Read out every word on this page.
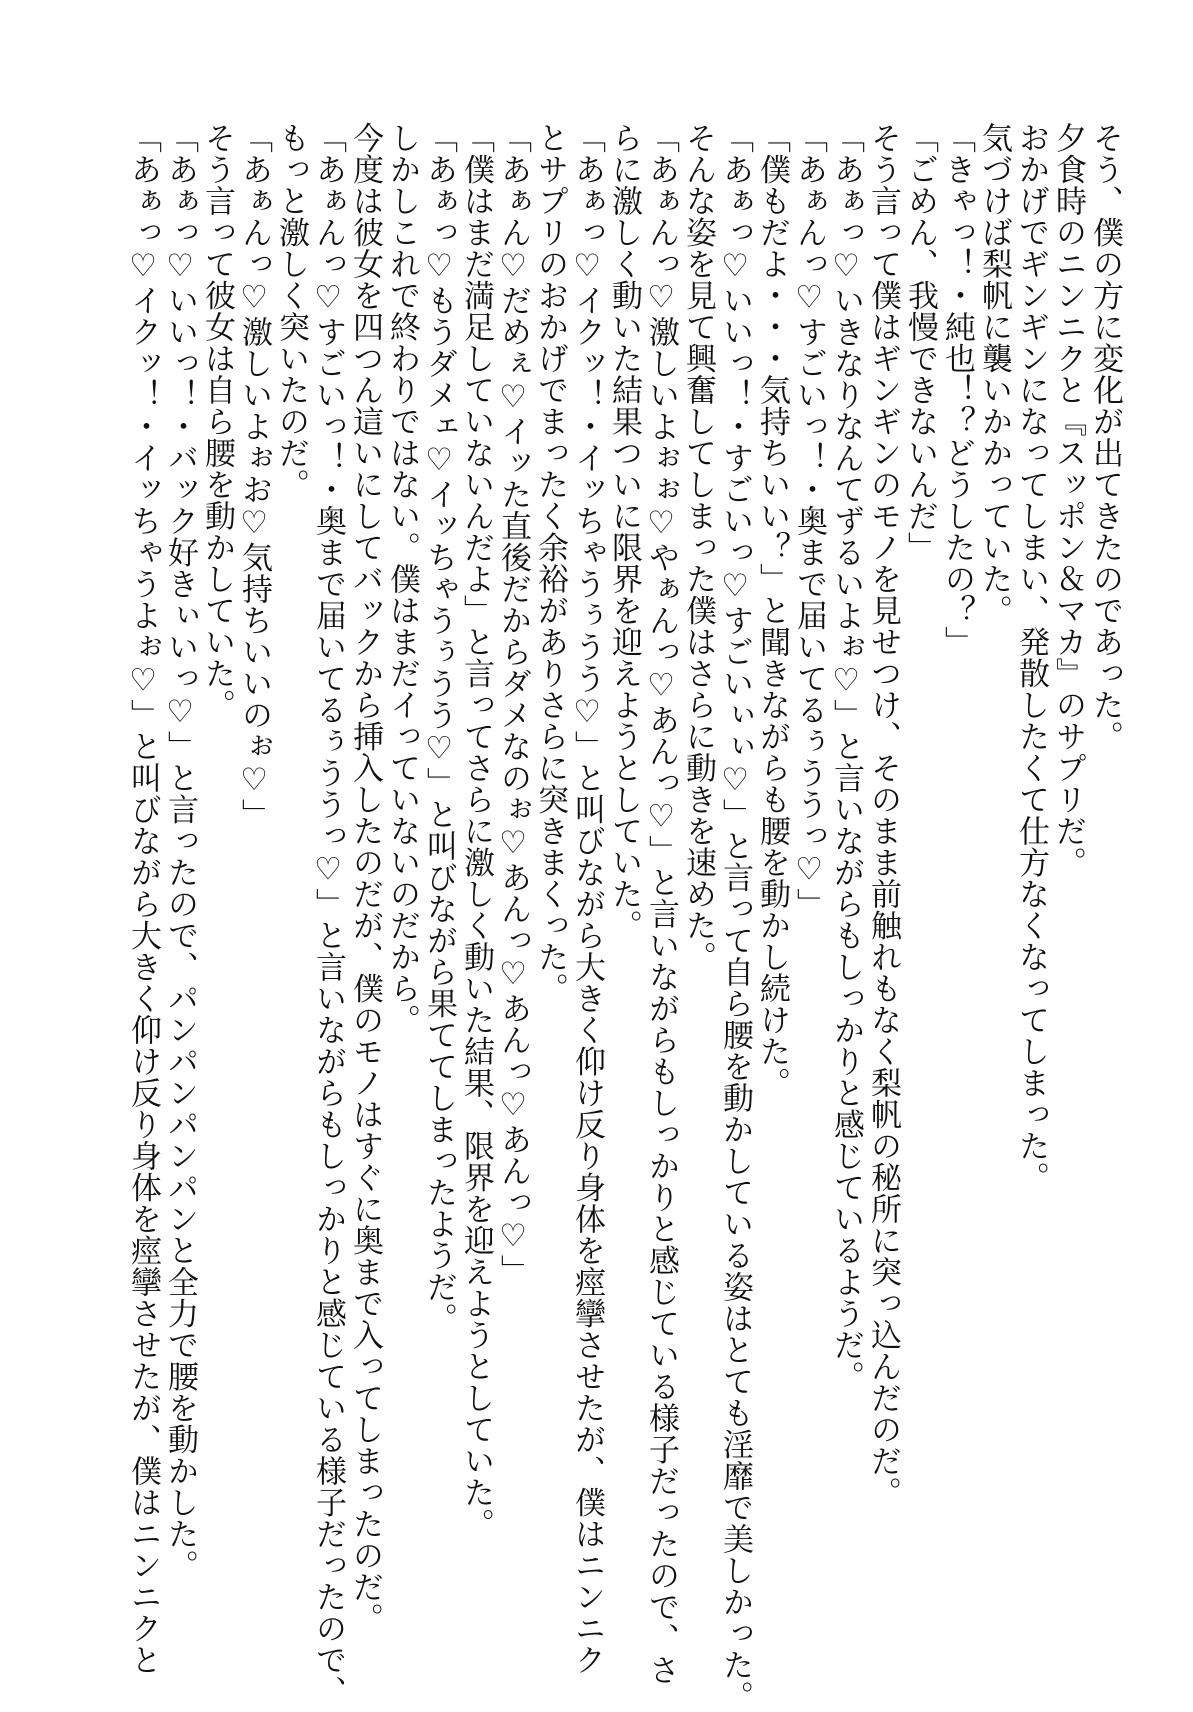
そう、僕の方に変化が出てきたのであった。

夕食時のニンニクと『スッポン＆マカ』のサプリだ。

おかげでギンギンになってしまい、発散したくて仕方なくなってしまった。

気づけば梨帆に襲いかかっていた。

「きゃっ！・純也！？どうしたの？」

「ごめん、我慢できないんだ」

そう言って僕はギンギンのモノを見せつけ、そのまま前触れもなく梨帆の秘所に突っ込んだのだ。

「あぁっ♡いきなりなんてずるいよぉ♡」と言いながらもしっかりと感じているようだ。

「あぁんっ♡すごいっ！・奥まで届いてるぅううっ♡」

「僕もだよ・・・気持ちいい？」と聞きながらも腰を動かし続けた。

「あぁっ♡いいっ！・すごいっ♡すごいぃぃ♡」と言って自ら腰を動かしている姿はとても淫靡で美しかった。

そんな姿を見て興奮してしまった僕はさらに動きを速めた。

「あぁんっ♡激しいよぉぉ♡やぁんっ♡あんっ♡」と言いながらもしっかりと感じている様子だったので、さ

らに激しく動いた結果ついに限界を迎えようとしていた。

「あぁっ♡イクッ！・イッちゃうぅうう♡」と叫びながら大きく仰け反り身体を痙攣させたが、僕はニンニク

とサプリのおかげでまったく余裕がありさらに突きまくった。

「あぁん♡だめぇ♡イッた直後だからダメなのぉ♡あんっ♡あんっ♡あんっ♡」

「僕はまだ満足していないんだよ」と言ってさらに激しく動いた結果、限界を迎えようとしていた。

「あぁっ♡もうダメェ♡イッちゃうぅうう♡」と叫びながら果ててしまったようだ。

しかしこれで終わりではない。僕はまだイっていないのだから。

今度は彼女を四つん這いにしてバックから挿入したのだが、僕のモノはすぐに奥まで入ってしまったのだ。

「あぁんっ♡すごいっ！・奥まで届いてるぅううっ♡」と言いながらもしっかりと感じている様子だったので、

もっと激しく突いたのだ。

「あぁんっ♡激しいよぉお♡気持ちいいのぉ♡」

そう言って彼女は自ら腰を動かしていた。

「あぁっ♡いいっ！・バック好きぃいっ♡」と言ったので、パンパンパンパンと全力で腰を動かした。

「あぁっ♡イクッ！・イッちゃうよぉ♡」と叫びながら大きく仰け反り身体を痙攣させたが、僕はニンニクと
